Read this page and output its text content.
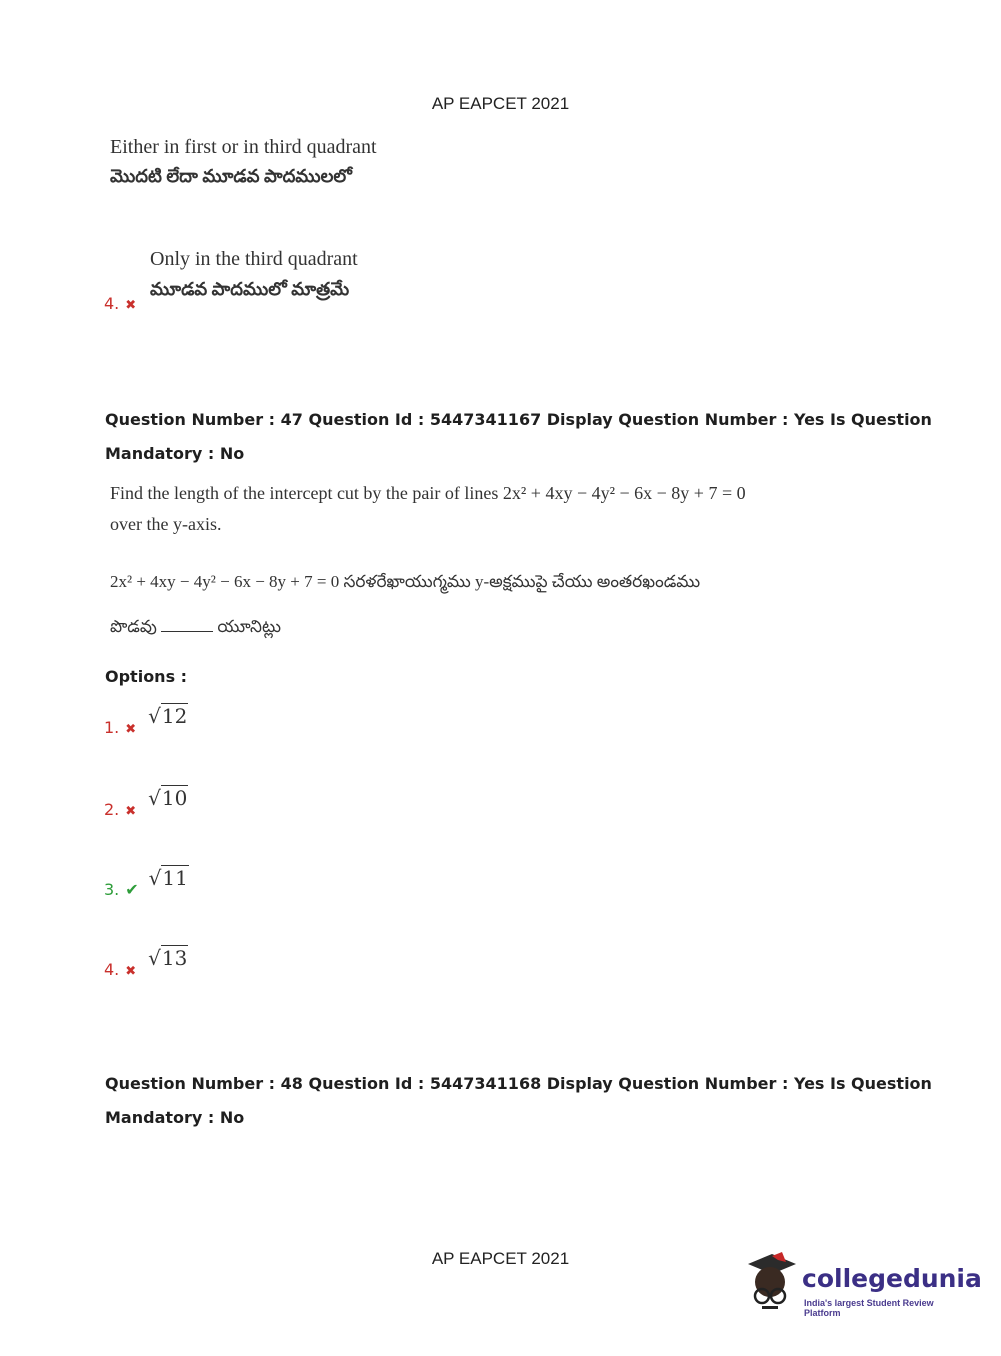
AP EAPCET 2021
Either in first or in third quadrant
మొదటి లేదా మూడవ పాదములలో
Only in the third quadrant
4. ✖
మూడవ పాదములో మాత్రమే
Question Number : 47 Question Id : 5447341167 Display Question Number : Yes Is Question
Mandatory : No
Find the length of the intercept cut by the pair of lines 2x² + 4xy − 4y² − 6x − 8y + 7 = 0
over the y-axis.
2x² + 4xy − 4y² − 6x − 8y + 7 = 0 సరళరేఖాయుగ్మము y-అక్షముపై చేయు అంతరఖండము
పొడవు	యూనిట్లు
Options :
1. ✖ √12
2. ✖ √10
3. ✔ √11
4. ✖ √13
Question Number : 48 Question Id : 5447341168 Display Question Number : Yes Is Question
Mandatory : No
AP EAPCET 2021
collegedunia
India's largest Student Review Platform
